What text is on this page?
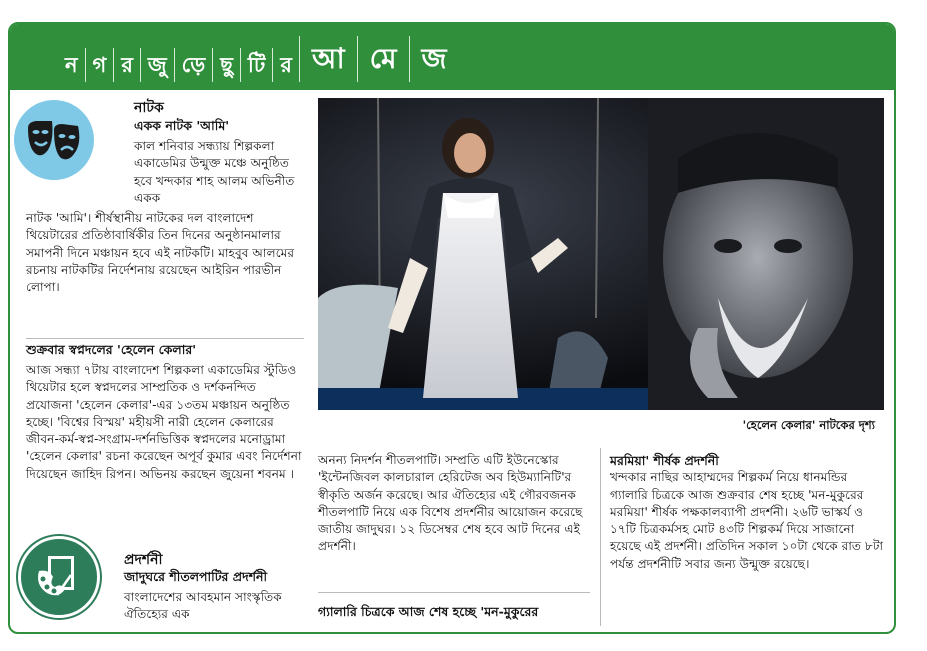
ন গ র জু ড়ে ছু টি র আ মে জ
নাটক
একক নাটক 'আমি'

কাল শনিবার সন্ধ্যায় শিল্পকলা একাডেমির উন্মুক্ত মঞ্চে অনুষ্ঠিত হবে খন্দকার শাহ আলম অভিনীত একক

নাটক 'আমি'। শীর্ষস্থানীয় নাটকের দল বাংলাদেশ থিয়েটারের প্রতিষ্ঠাবার্ষিকীর তিন দিনের অনুষ্ঠানমালার সমাপনী দিনে মঞ্চায়ন হবে এই নাটকটি। মাহবুব আলমের রচনায় নাটকটির নির্দেশনায় রয়েছেন আইরিন পারভীন লোপা।

শুক্রবার স্বপ্নদলের 'হেলেন কেলার'

আজ সন্ধ্যা ৭টায় বাংলাদেশ শিল্পকলা একাডেমির স্টুডিও থিয়েটার হলে স্বপ্নদলের সাম্প্রতিক ও দর্শকনন্দিত প্রযোজনা 'হেলেন কেলার'-এর ১৩তম মঞ্চায়ন অনুষ্ঠিত হচ্ছে। 'বিশ্বের বিস্ময়' মহীয়সী নারী হেলেন কেলারের জীবন-কর্ম-স্বপ্ন-সংগ্রাম-দর্শনভিত্তিক স্বপ্নদলের মনোড্রামা 'হেলেন কেলার' রচনা করেছেন অপূর্ব কুমার এবং নির্দেশনা দিয়েছেন জাহিদ রিপন। অভিনয় করছেন জুয়েনা শবনম ।

প্রদর্শনী
জাদুঘরে শীতলপাটির প্রদর্শনী

বাংলাদেশের আবহমান সাংস্কৃতিক ঐতিহ্যের এক

'হেলেন কেলার' নাটকের দৃশ্য

অনন্য নিদর্শন শীতলপাটি। সম্প্রতি এটি ইউনেস্কোর 'ইন্টেনজিবল কালচারাল হেরিটেজ অব হিউম্যানিটি'র স্বীকৃতি অর্জন করেছে। আর ঐতিহ্যের এই গৌরবজনক শীতলপাটি নিয়ে এক বিশেষ প্রদর্শনীর আয়োজন করেছে জাতীয় জাদুঘর। ১২ ডিসেম্বর শেষ হবে আট দিনের এই প্রদর্শনী।

গ্যালারি চিত্রকে আজ শেষ হচ্ছে 'মন-মুকুরের
মরমিয়া' শীর্ষক প্রদর্শনী

খন্দকার নাছির আহাম্মদের শিল্পকর্ম নিয়ে ধানমন্ডির গ্যালারি চিত্রকে আজ শুক্রবার শেষ হচ্ছে 'মন-মুকুরের মরমিয়া' শীর্ষক পক্ষকালব্যাপী প্রদর্শনী। ২৬টি ভাস্কর্য ও ১৭টি চিত্রকর্মসহ মোট ৪৩টি শিল্পকর্ম দিয়ে সাজানো হয়েছে এই প্রদর্শনী। প্রতিদিন সকাল ১০টা থেকে রাত ৮টা পর্যন্ত প্রদর্শনীটি সবার জন্য উন্মুক্ত রয়েছে।
